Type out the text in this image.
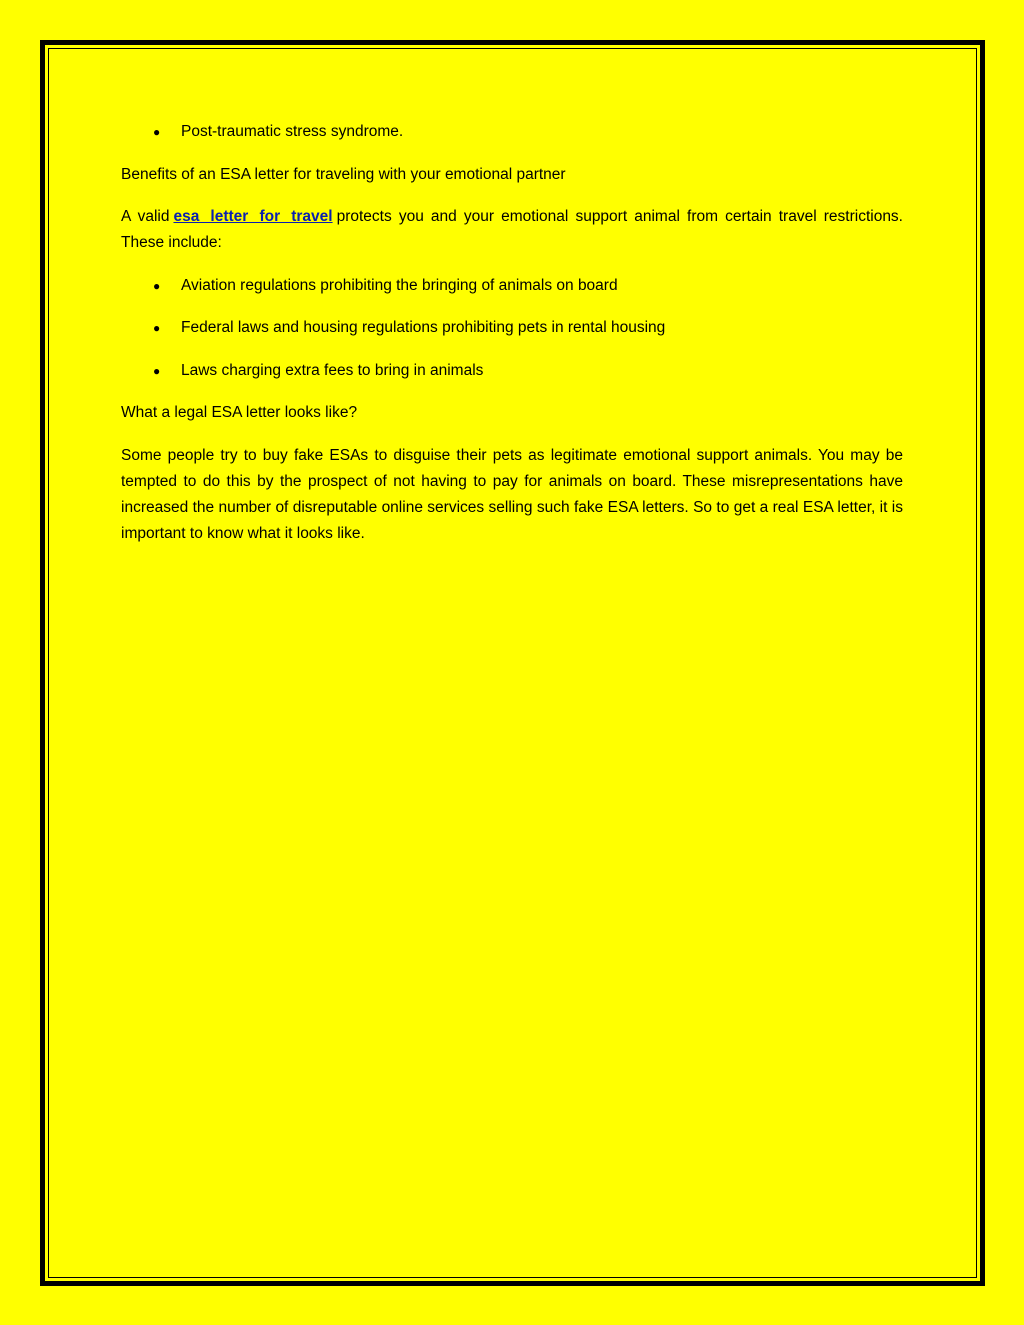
● Post-traumatic stress syndrome.

Benefits of an ESA letter for traveling with your emotional partner

A valid esa letter for travel protects you and your emotional support animal from certain travel restrictions. These include:

● Aviation regulations prohibiting the bringing of animals on board
● Federal laws and housing regulations prohibiting pets in rental housing
● Laws charging extra fees to bring in animals

What a legal ESA letter looks like?

Some people try to buy fake ESAs to disguise their pets as legitimate emotional support animals. You may be tempted to do this by the prospect of not having to pay for animals on board. These misrepresentations have increased the number of disreputable online services selling such fake ESA letters. So to get a real ESA letter, it is important to know what it looks like.
